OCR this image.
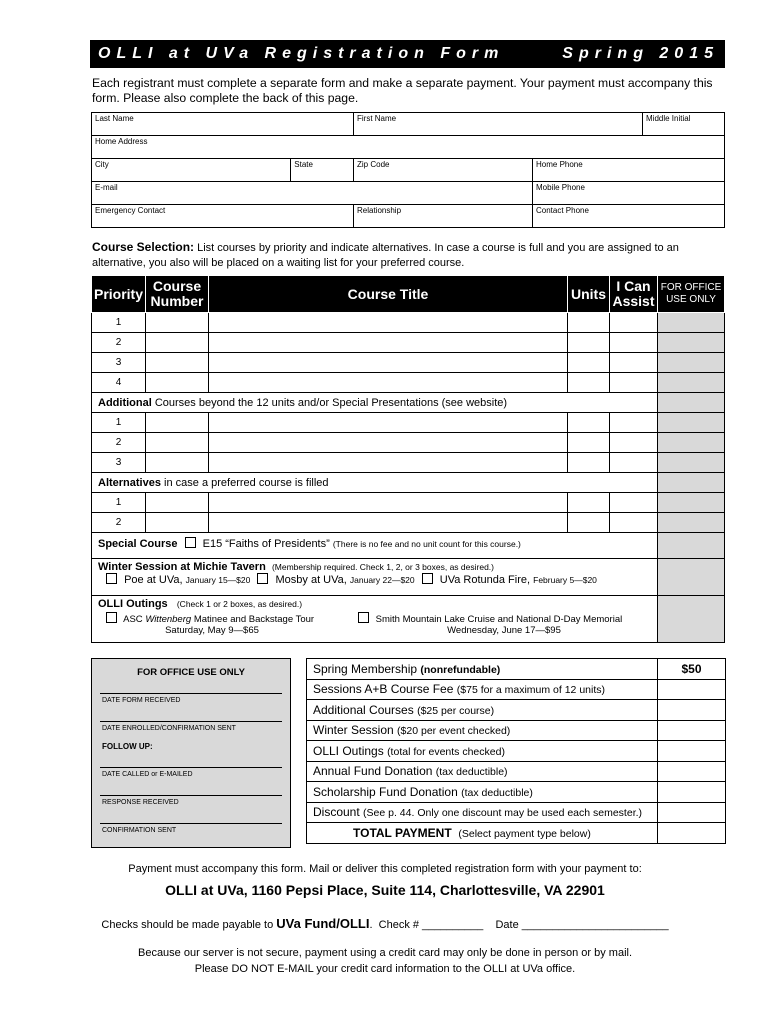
OLLI at UVa Registration Form	Spring 2015
Each registrant must complete a separate form and make a separate payment. Your payment must accompany this form. Please also complete the back of this page.
Last Name		First Name		Middle Initial
Home Address				
City	State	Zip Code	Home Phone	
E-mail			Mobile Phone	
Emergency Contact		Relationship	Contact Phone	
Course Selection: List courses by priority and indicate alternatives. In case a course is full and you are assigned to an alternative, you also will be placed on a waiting list for your preferred course.
Priority	Course Number	Course Title	Units	I Can Assist	FOR OFFICE USE ONLY
1					
2					
3					
4					
Additional Courses beyond the 12 units and/or Special Presentations (see website)					
1					
2					
3					
Alternatives in case a preferred course is filled					
1					
2					
Special Course E15 “Faiths of Presidents” (There is no fee and no unit count for this course.)					
Winter Session at Michie Tavern (Membership required. Check 1, 2, or 3 boxes, as desired.)
Poe at UVa, January 15—$20 Mosby at UVa, January 22—$20 UVa Rotunda Fire, February 5—$20					
OLLI Outings (Check 1 or 2 boxes, as desired.)
ASC Wittenberg Matinee and Backstage Tour
Saturday, May 9—$65
Smith Mountain Lake Cruise and National D-Day Memorial
Wednesday, June 17—$95					

FOR OFFICE USE ONLY
DATE FORM RECEIVED
DATE ENROLLED/CONFIRMATION SENT
FOLLOW UP:
DATE CALLED or E-MAILED
RESPONSE RECEIVED
CONFIRMATION SENT
Spring Membership (nonrefundable)	$50
Sessions A+B Course Fee ($75 for a maximum of 12 units)	
Additional Courses ($25 per course)	
Winter Session ($20 per event checked)	
OLLI Outings (total for events checked)	
Annual Fund Donation (tax deductible)	
Scholarship Fund Donation (tax deductible)	
Discount (See p. 44. Only one discount may be used each semester.)	
TOTAL PAYMENT (Select payment type below)	
Payment must accompany this form. Mail or deliver this completed registration form with your payment to:
OLLI at UVa, 1160 Pepsi Place, Suite 114, Charlottesville, VA 22901
Checks should be made payable to UVa Fund/OLLI.  Check # __________ Date ________________________
Because our server is not secure, payment using a credit card may only be done in person or by mail.
Please DO NOT E-MAIL your credit card information to the OLLI at UVa office.
